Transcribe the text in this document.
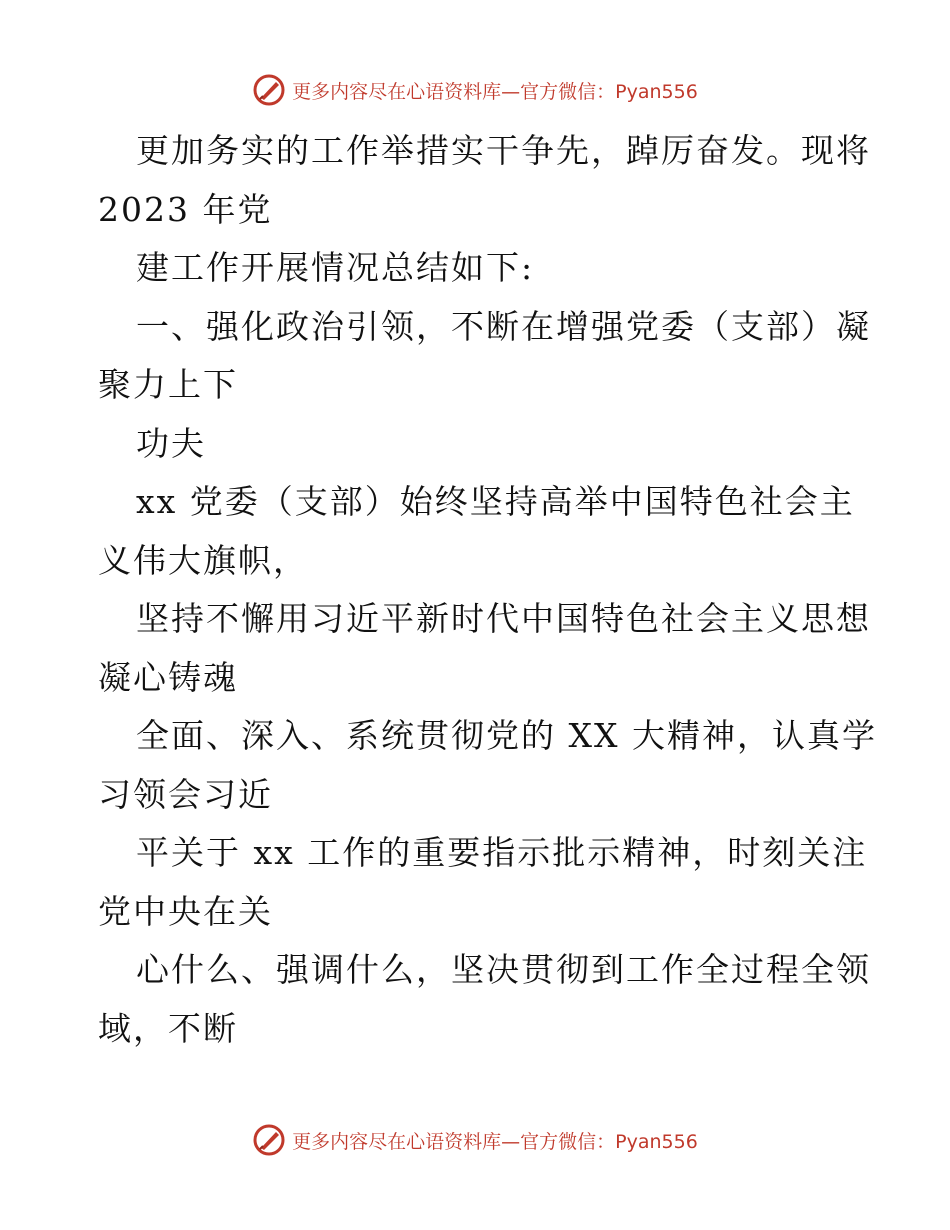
更多内容尽在心语资料库—官方微信：Pyan556
更加务实的工作举措实干争先，踔厉奋发。现将
2023 年党
建工作开展情况总结如下:
一、强化政治引领，不断在增强党委（支部）凝
聚力上下
功夫
xx 党委（支部）始终坚持高举中国特色社会主
义伟大旗帜，
坚持不懈用习近平新时代中国特色社会主义思想
凝心铸魂
全面、深入、系统贯彻党的 XX 大精神，认真学
习领会习近
平关于 xx 工作的重要指示批示精神，时刻关注
党中央在关
心什么、强调什么，坚决贯彻到工作全过程全领
域，不断
更多内容尽在心语资料库—官方微信：Pyan556
